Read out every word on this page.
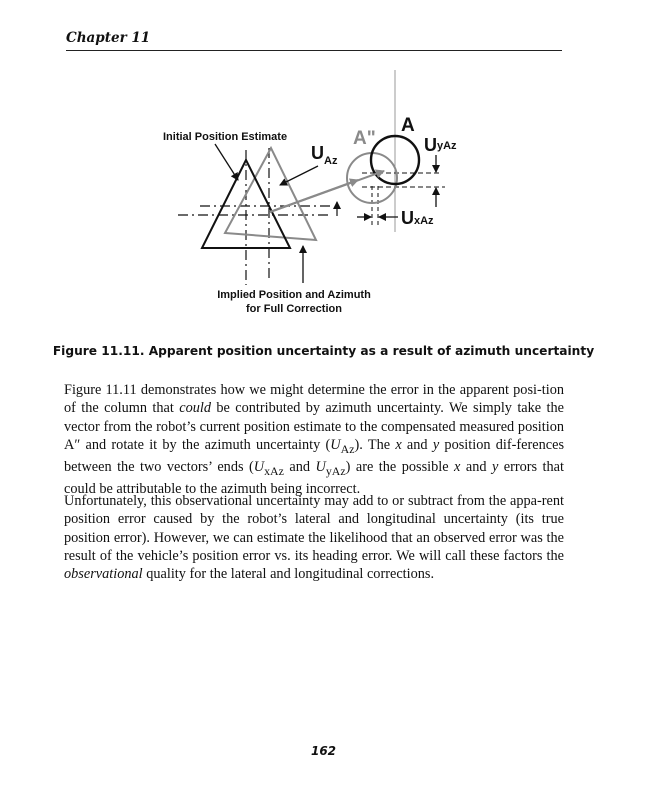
Chapter 11
Initial Position Estimate
Implied Position and Azimuth
for Full Correction
A
A"
$U_{Az}$
UyAz
UxAz
Figure 11.11. Apparent position uncertainty as a result of azimuth uncertainty
Figure 11.11 demonstrates how we might determine the error in the apparent posi-tion of the column that could be contributed by azimuth uncertainty. We simply take the vector from the robot’s current position estimate to the compensated measured position A″ and rotate it by the azimuth uncertainty $(U_{Az})$. The x and y position dif-ferences between the two vectors’ ends ($U_{xAz}$ and $U_{yAz}$) are the possible x and y errors that could be attributable to the azimuth being incorrect.
Unfortunately, this observational uncertainty may add to or subtract from the appa-rent position error caused by the robot’s lateral and longitudinal uncertainty (its true position error). However, we can estimate the likelihood that an observed error was the result of the vehicle’s position error vs. its heading error. We will call these factors the observational quality for the lateral and longitudinal corrections.
162
